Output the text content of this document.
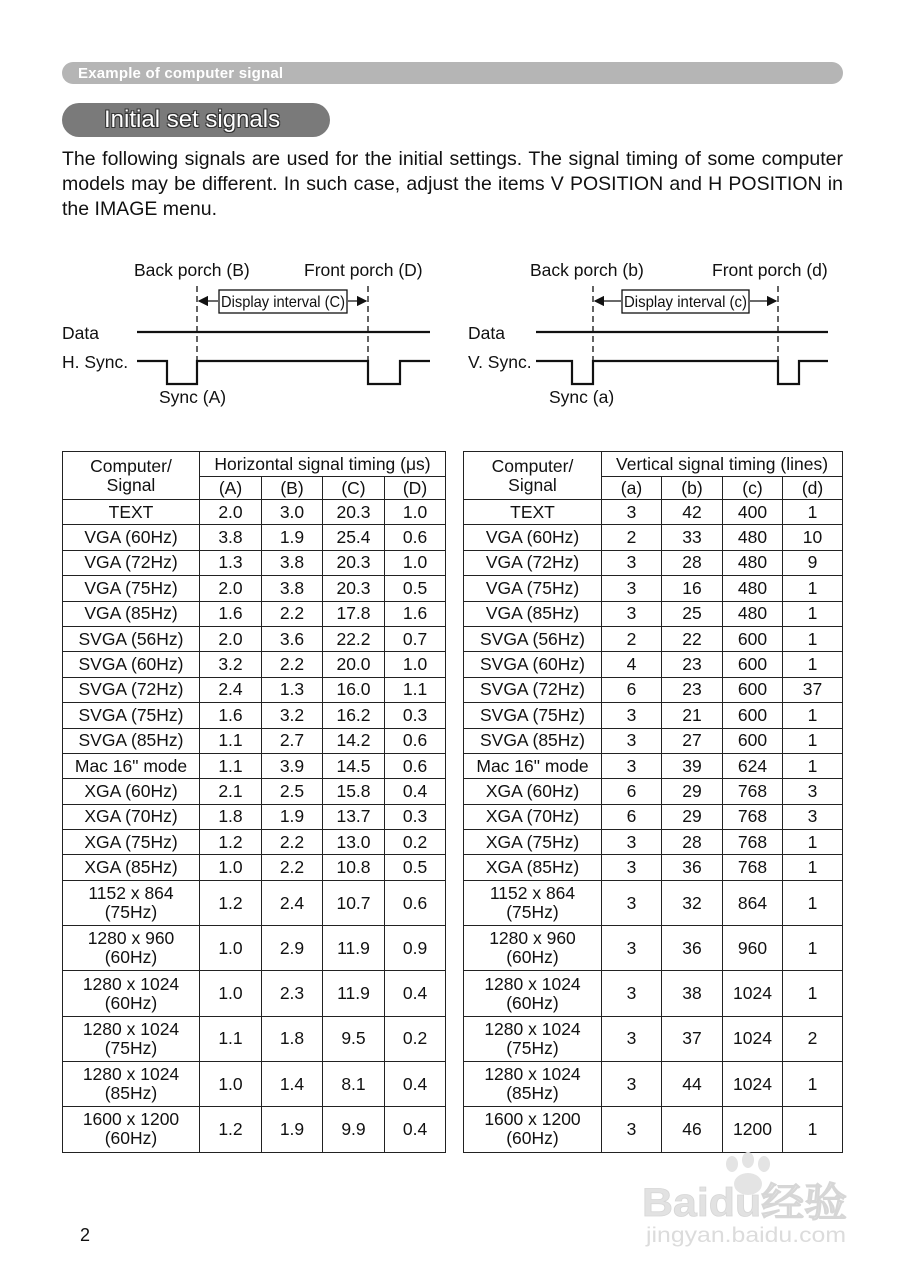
Example of computer signal
Initial set signals

The following signals are used for the initial settings. The signal timing of some computer models may be different. In such case, adjust the items V POSITION and H POSITION in the IMAGE menu.

Back porch (B)	Front porch (D)
Display interval (C)
Data
H. Sync.
Sync (A)
Back porch (b)	Front porch (d)
Display interval (c)
Data
V. Sync.
Sync (a)
Computer/
Signal	Horizontal signal timing (μs)			
	(A)	(B)	(C)	(D)

TEXT	2.0	3.0	20.3	1.0

VGA (60Hz)	3.8	1.9	25.4	0.6

VGA (72Hz)	1.3	3.8	20.3	1.0

VGA (75Hz)	2.0	3.8	20.3	0.5

VGA (85Hz)	1.6	2.2	17.8	1.6

SVGA (56Hz)	2.0	3.6	22.2	0.7

SVGA (60Hz)	3.2	2.2	20.0	1.0

SVGA (72Hz)	2.4	1.3	16.0	1.1

SVGA (75Hz)	1.6	3.2	16.2	0.3

SVGA (85Hz)	1.1	2.7	14.2	0.6

Mac 16" mode	1.1	3.9	14.5	0.6

XGA (60Hz)	2.1	2.5	15.8	0.4

XGA (70Hz)	1.8	1.9	13.7	0.3

XGA (75Hz)	1.2	2.2	13.0	0.2

XGA (85Hz)	1.0	2.2	10.8	0.5

1152 x 864
(75Hz)	1.2	2.4	10.7	0.6

1280 x 960
(60Hz)	1.0	2.9	11.9	0.9

1280 x 1024
(60Hz)	1.0	2.3	11.9	0.4

1280 x 1024
(75Hz)	1.1	1.8	9.5	0.2

1280 x 1024
(85Hz)	1.0	1.4	8.1	0.4

1600 x 1200
(60Hz)	1.2	1.9	9.9	0.4
Computer/
Signal	Vertical signal timing (lines)			
	(a)	(b)	(c)	(d)

TEXT	3	42	400	1

VGA (60Hz)	2	33	480	10

VGA (72Hz)	3	28	480	9

VGA (75Hz)	3	16	480	1

VGA (85Hz)	3	25	480	1

SVGA (56Hz)	2	22	600	1

SVGA (60Hz)	4	23	600	1

SVGA (72Hz)	6	23	600	37

SVGA (75Hz)	3	21	600	1

SVGA (85Hz)	3	27	600	1

Mac 16" mode	3	39	624	1

XGA (60Hz)	6	29	768	3

XGA (70Hz)	6	29	768	3

XGA (75Hz)	3	28	768	1

XGA (85Hz)	3	36	768	1

1152 x 864
(75Hz)	3	32	864	1

1280 x 960
(60Hz)	3	36	960	1

1280 x 1024
(60Hz)	3	38	1024	1

1280 x 1024
(75Hz)	3	37	1024	2

1280 x 1024
(85Hz)	3	44	1024	1

1600 x 1200
(60Hz)	3	46	1200	1
2
Baidu经验
jingyan.baidu.com
